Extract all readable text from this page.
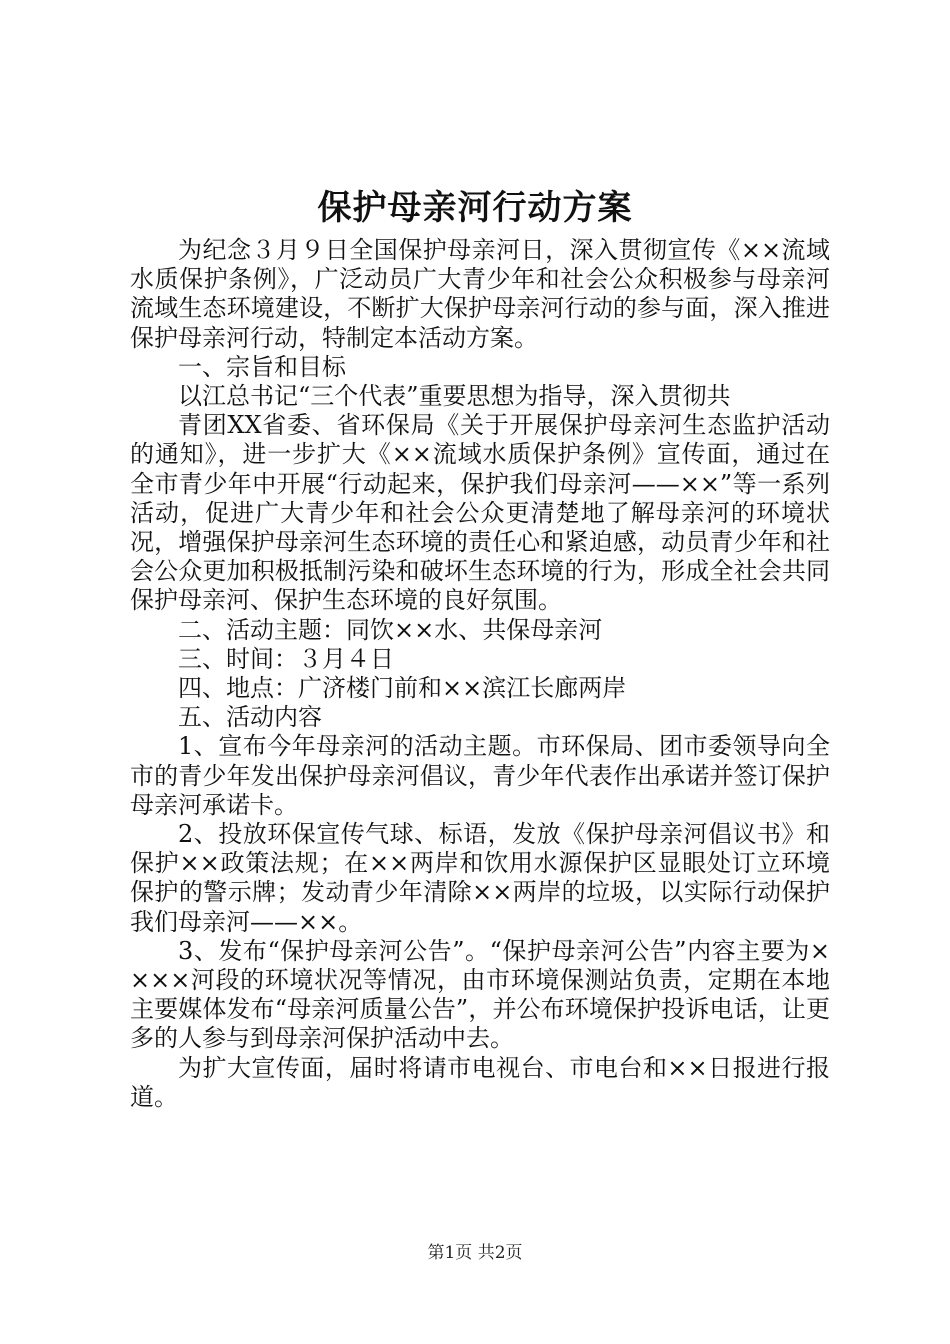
保护母亲河行动方案

为纪念３月９日全国保护母亲河日，深入贯彻宣传《××流域水质保护条例》，广泛动员广大青少年和社会公众积极参与母亲河流域生态环境建设，不断扩大保护母亲河行动的参与面，深入推进保护母亲河行动，特制定本活动方案。

一、宗旨和目标

以江总书记“三个代表”重要思想为指导，深入贯彻共

青团XX省委、省环保局《关于开展保护母亲河生态监护活动的通知》，进一步扩大《××流域水质保护条例》宣传面，通过在全市青少年中开展“行动起来，保护我们母亲河——××”等一系列活动，促进广大青少年和社会公众更清楚地了解母亲河的环境状况，增强保护母亲河生态环境的责任心和紧迫感，动员青少年和社会公众更加积极抵制污染和破坏生态环境的行为，形成全社会共同保护母亲河、保护生态环境的良好氛围。

二、活动主题：同饮××水、共保母亲河

三、时间：３月４日

四、地点：广济楼门前和××滨江长廊两岸

五、活动内容

1、宣布今年母亲河的活动主题。市环保局、团市委领导向全市的青少年发出保护母亲河倡议，青少年代表作出承诺并签订保护母亲河承诺卡。

2、投放环保宣传气球、标语，发放《保护母亲河倡议书》和保护××政策法规；在××两岸和饮用水源保护区显眼处订立环境保护的警示牌；发动青少年清除××两岸的垃圾，以实际行动保护我们母亲河——××。

3、发布“保护母亲河公告”。“保护母亲河公告”内容主要为××××河段的环境状况等情况，由市环境保测站负责，定期在本地主要媒体发布“母亲河质量公告”，并公布环境保护投诉电话，让更多的人参与到母亲河保护活动中去。

为扩大宣传面，届时将请市电视台、市电台和××日报进行报道。

第1页 共2页
